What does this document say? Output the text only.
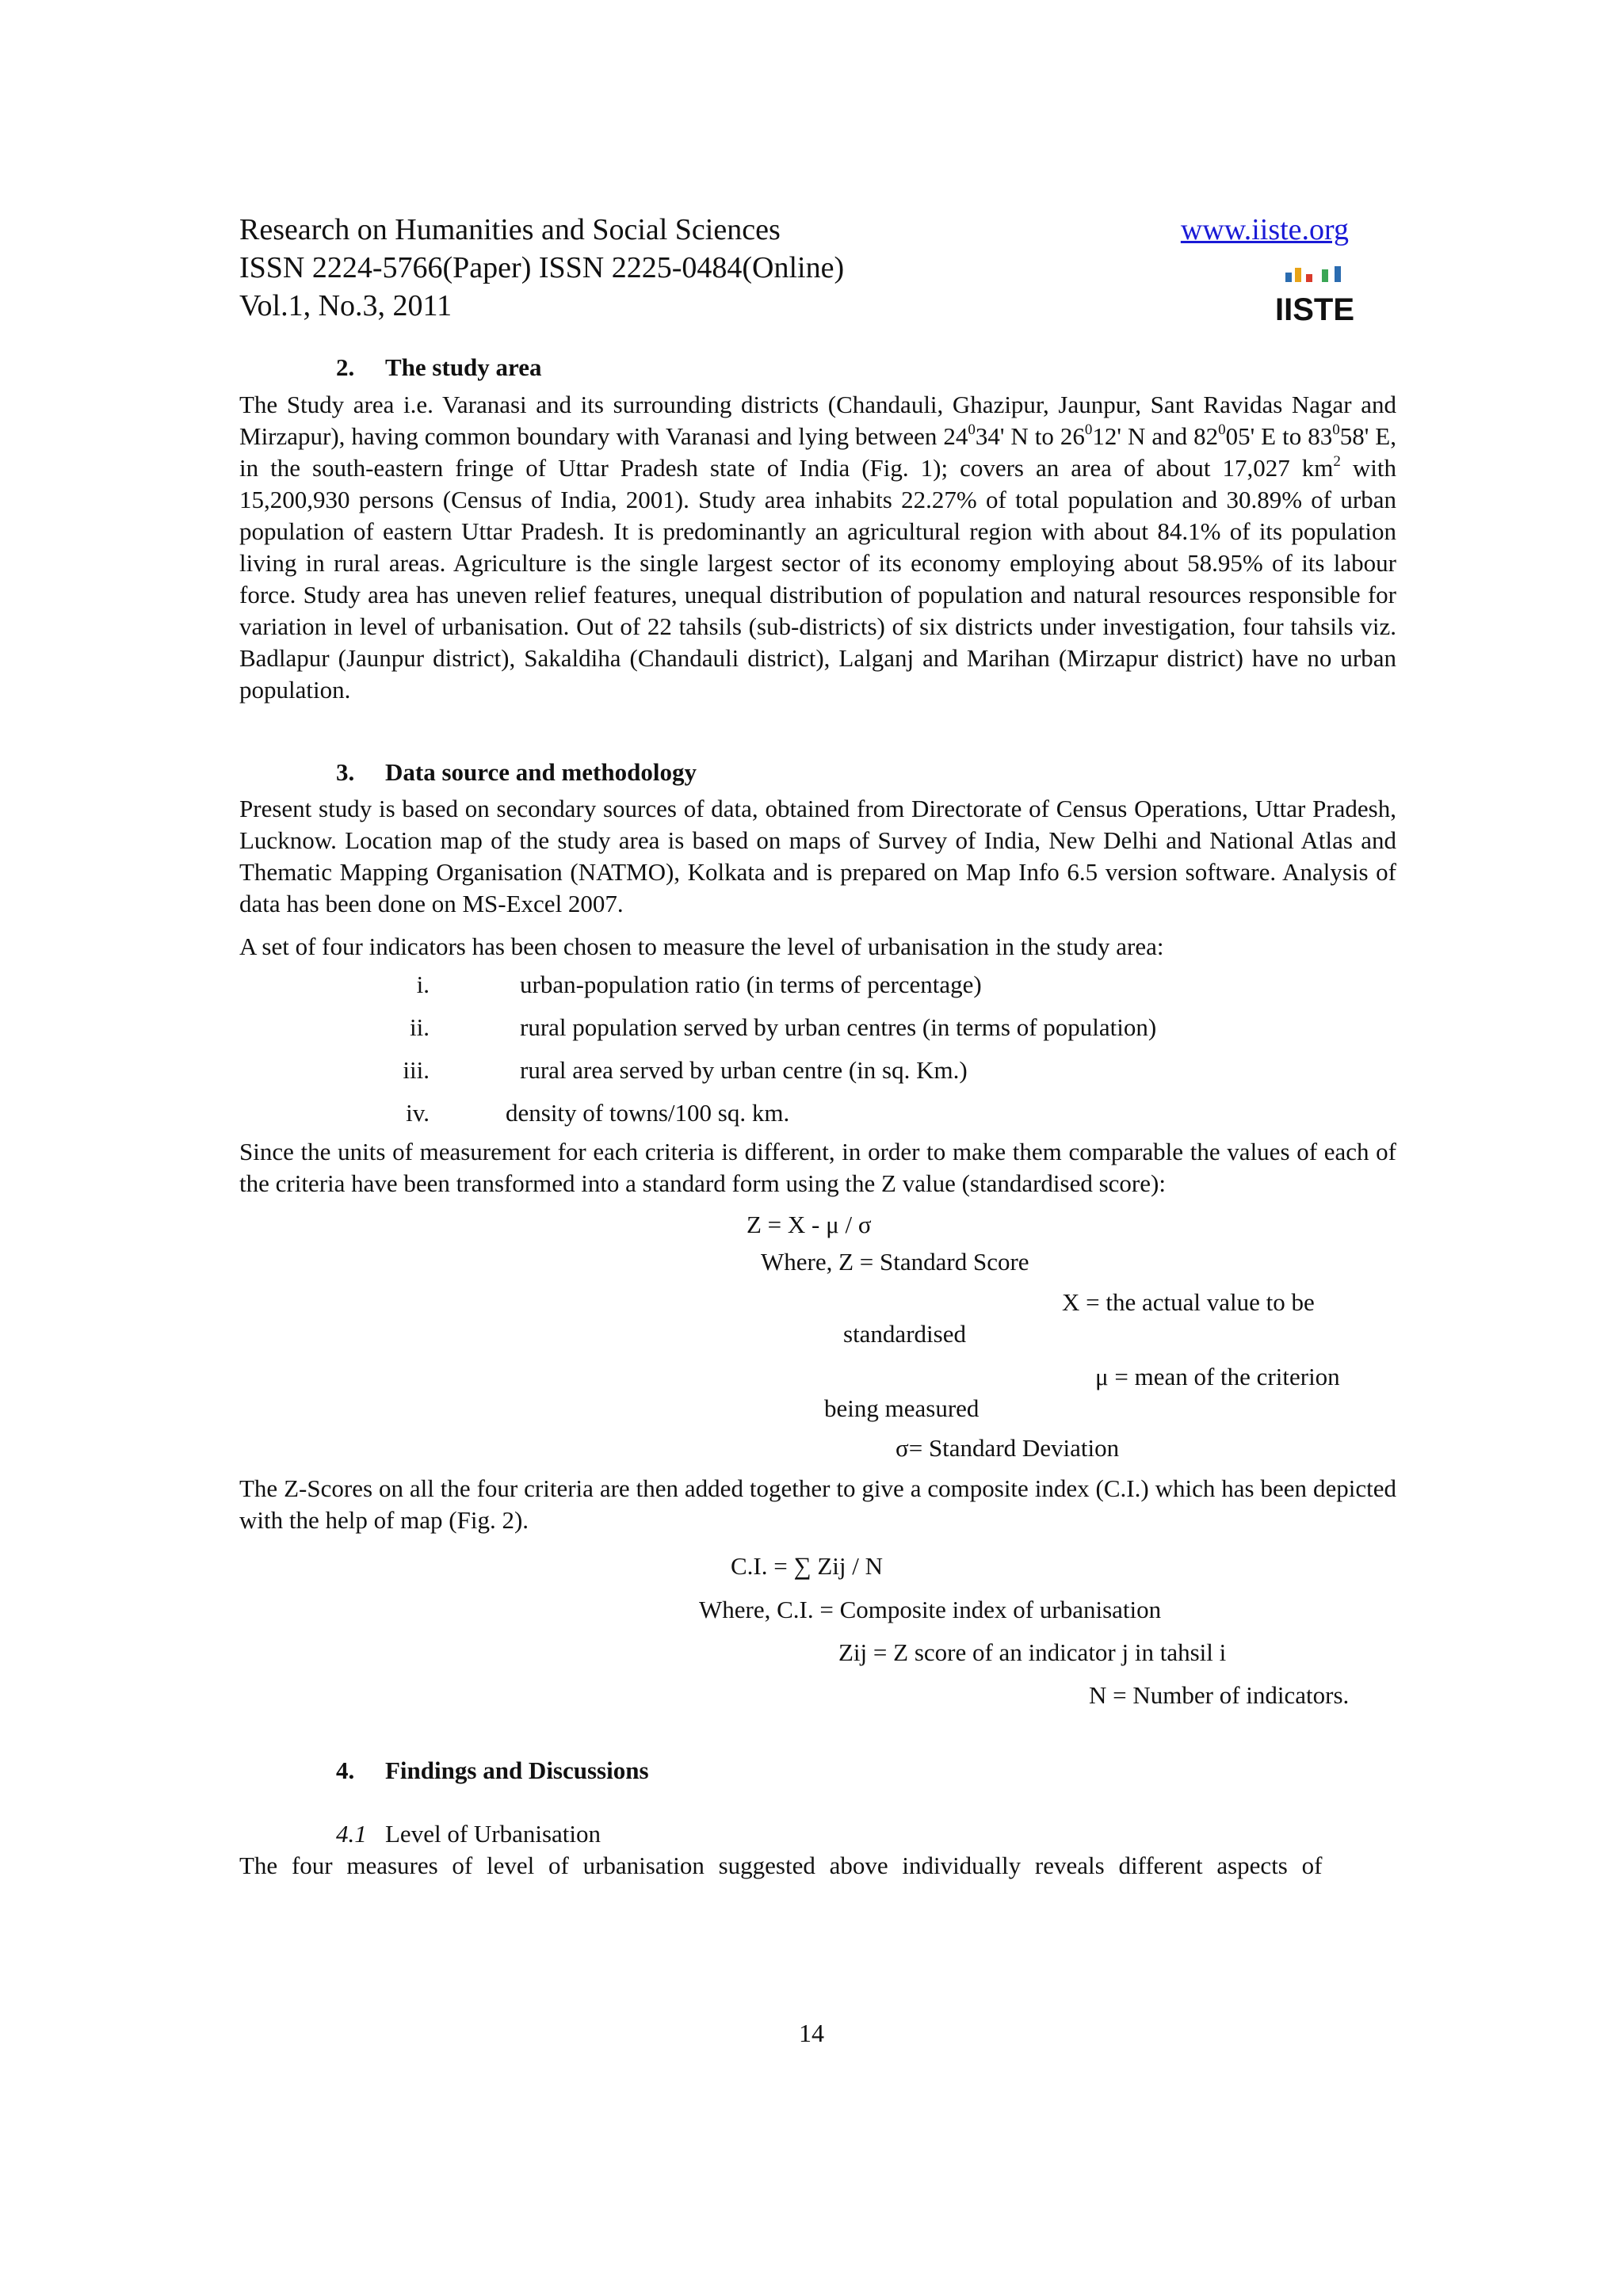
Research on Humanities and Social Sciences
ISSN 2224-5766(Paper) ISSN 2225-0484(Online)
Vol.1, No.3, 2011
www.iiste.org
IISTE
2. The study area

The Study area i.e. Varanasi and its surrounding districts (Chandauli, Ghazipur, Jaunpur, Sant Ravidas Nagar and Mirzapur), having common boundary with Varanasi and lying between $24^034'$ N to $26^012'$ N and $82^005'$ E to $83^058'$ E, in the south-eastern fringe of Uttar Pradesh state of India (Fig. 1); covers an area of about 17,027 $km^2$ with 15,200,930 persons (Census of India, 2001). Study area inhabits 22.27% of total population and 30.89% of urban population of eastern Uttar Pradesh. It is predominantly an agricultural region with about 84.1% of its population living in rural areas. Agriculture is the single largest sector of its economy employing about 58.95% of its labour force. Study area has uneven relief features, unequal distribution of population and natural resources responsible for variation in level of urbanisation. Out of 22 tahsils (sub-districts) of six districts under investigation, four tahsils viz. Badlapur (Jaunpur district), Sakaldiha (Chandauli district), Lalganj and Marihan (Mirzapur district) have no urban population.

3. Data source and methodology

Present study is based on secondary sources of data, obtained from Directorate of Census Operations, Uttar Pradesh, Lucknow. Location map of the study area is based on maps of Survey of India, New Delhi and National Atlas and Thematic Mapping Organisation (NATMO), Kolkata and is prepared on Map Info 6.5 version software. Analysis of data has been done on MS-Excel 2007.

A set of four indicators has been chosen to measure the level of urbanisation in the study area:

i.	urban-population ratio (in terms of percentage)
ii.	rural population served by urban centres (in terms of population)
iii.	rural area served by urban centre (in sq. Km.)
iv.	density of towns/100 sq. km.

Since the units of measurement for each criteria is different, in order to make them comparable the values of each of the criteria have been transformed into a standard form using the Z value (standardised score):

Z = X - μ / σ
Where, Z = Standard Score
X = the actual value to be
standardised
μ = mean of the criterion
being measured
σ= Standard Deviation

The Z-Scores on all the four criteria are then added together to give a composite index (C.I.) which has been depicted with the help of map (Fig. 2).

C.I. = ∑ Zij / N
Where, C.I. = Composite index of urbanisation
Zij = Z score of an indicator j in tahsil i
N = Number of indicators.
4. Findings and Discussions
4.1 Level of Urbanisation

The four measures of level of urbanisation suggested above individually reveals different aspects of

14
